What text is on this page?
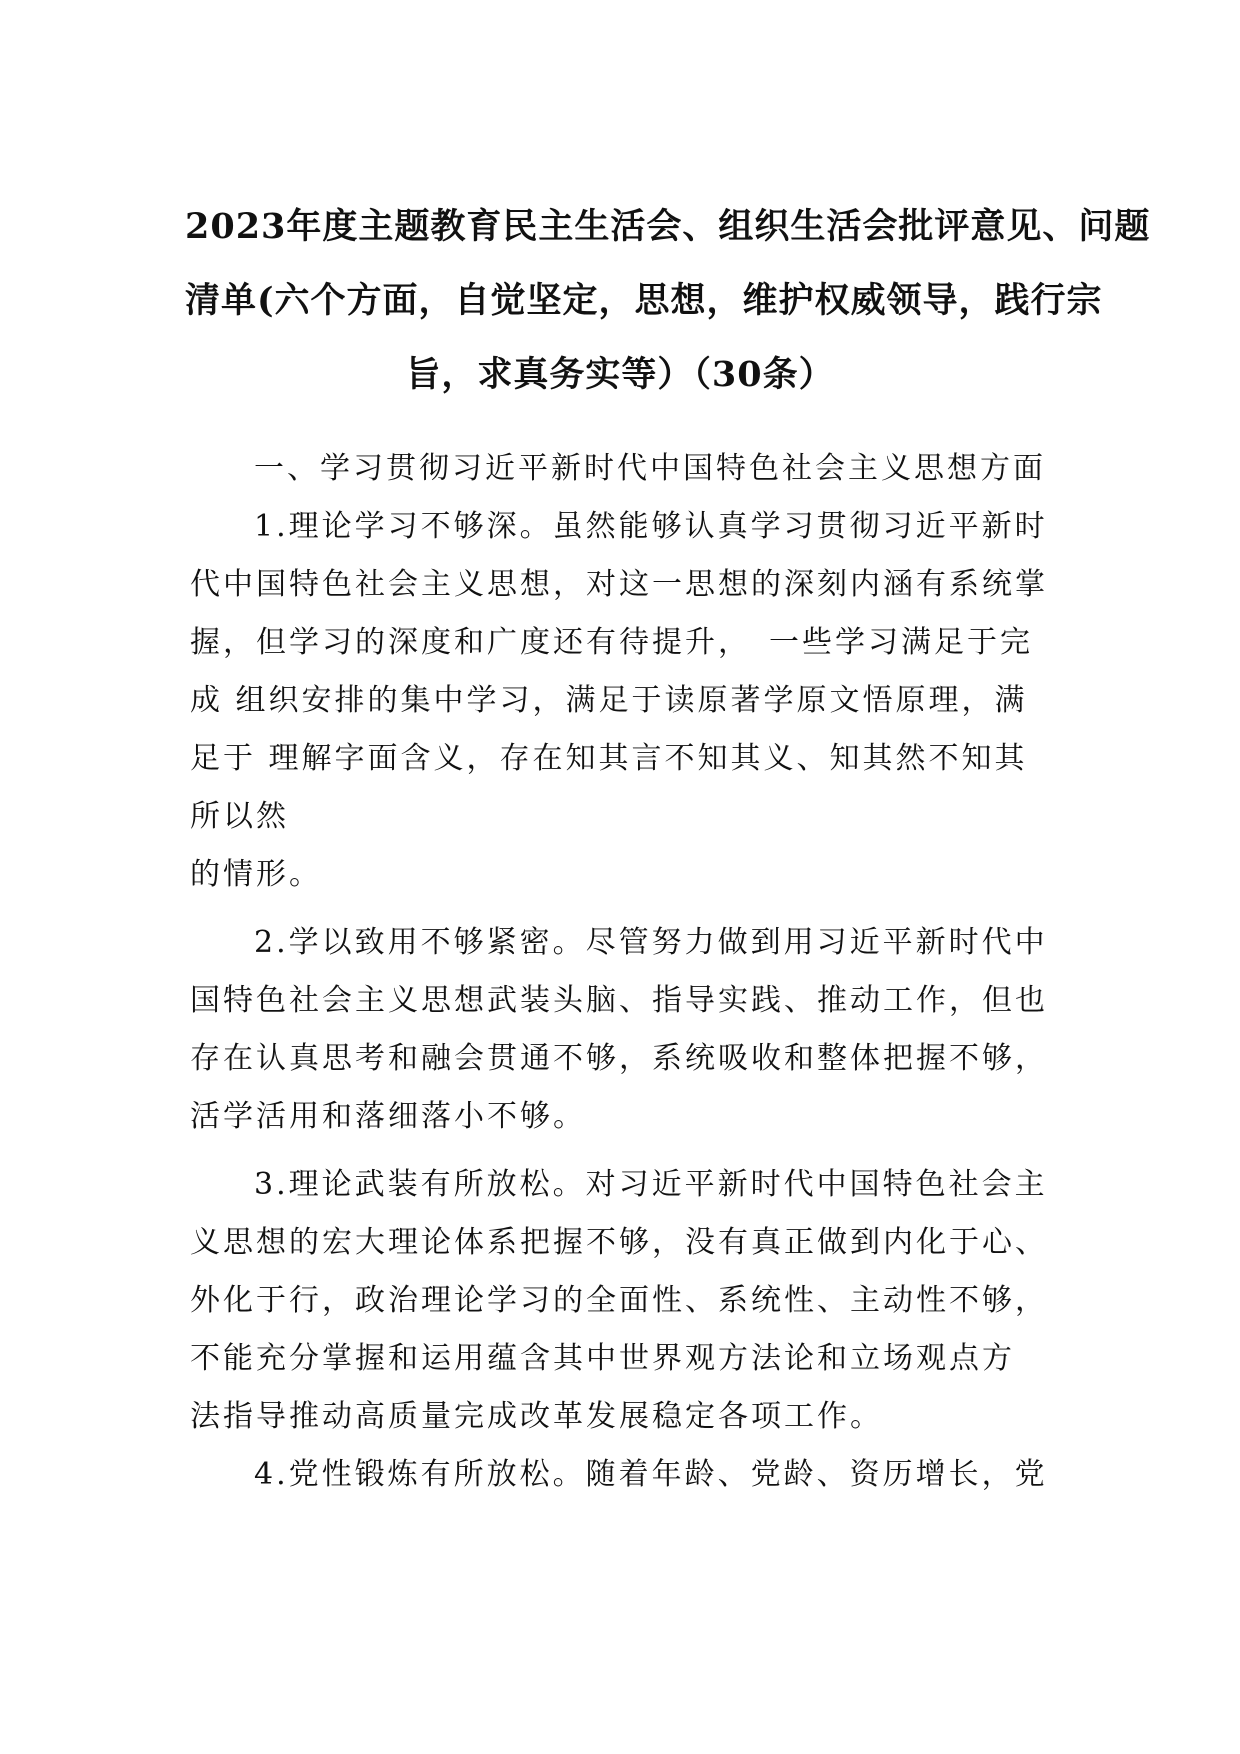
2023年度主题教育民主生活会、组织生活会批评意见、问题
清单(六个方面，自觉坚定，思想，维护权威领导，践行宗
旨，求真务实等）（30条）
一、学习贯彻习近平新时代中国特色社会主义思想方面
1.理论学习不够深。虽然能够认真学习贯彻习近平新时
代中国特色社会主义思想，对这一思想的深刻内涵有系统掌
握，但学习的深度和广度还有待提升，　一些学习满足于完
成 组织安排的集中学习，满足于读原著学原文悟原理，满
足于 理解字面含义，存在知其言不知其义、知其然不知其
所以然
的情形。
2.学以致用不够紧密。尽管努力做到用习近平新时代中
国特色社会主义思想武装头脑、指导实践、推动工作，但也
存在认真思考和融会贯通不够，系统吸收和整体把握不够，
活学活用和落细落小不够。
3.理论武装有所放松。对习近平新时代中国特色社会主
义思想的宏大理论体系把握不够，没有真正做到内化于心、
外化于行，政治理论学习的全面性、系统性、主动性不够，
不能充分掌握和运用蕴含其中世界观方法论和立场观点方
法指导推动高质量完成改革发展稳定各项工作。
4.党性锻炼有所放松。随着年龄、党龄、资历增长，党
